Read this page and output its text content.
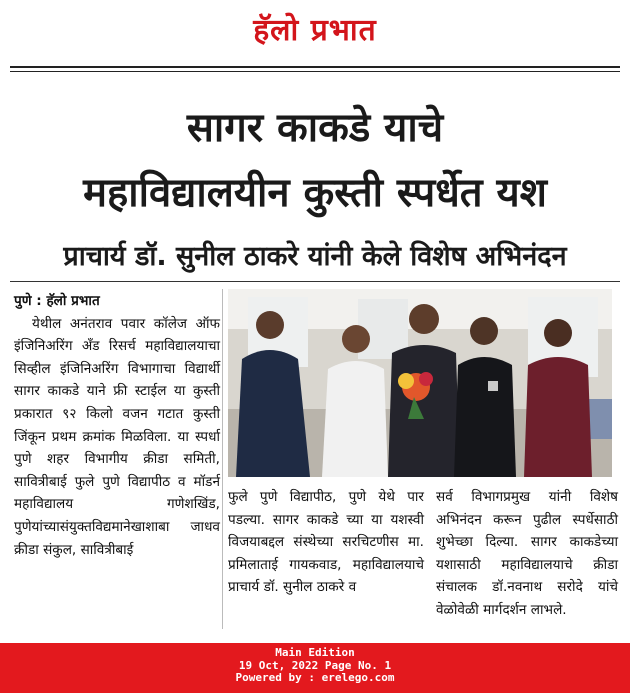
हॅलो प्रभात
सागर काकडे याचे
महाविद्यालयीन कुस्ती स्पर्धेत यश
प्राचार्य डॉ. सुनील ठाकरे यांनी केले विशेष अभिनंदन
पुणे : हॅलो प्रभात

येथील अनंतराव पवार कॉलेज ऑफ इंजिनिअरिंग अँड रिसर्च महाविद्यालयाचा सिव्हील इंजिनिअरिंग विभागाचा विद्यार्थी सागर काकडे याने फ्री स्टाईल या कुस्ती प्रकारात ९२ किलो वजन गटात कुस्ती जिंकून प्रथम क्रमांक मिळविला. या स्पर्धा पुणे शहर विभागीय क्रीडा समिती, सावित्रीबाई फुले पुणे विद्यापीठ व मॉडर्न महाविद्यालय गणेशखिंड, पुणेयांच्यासंयुक्तविद्यमानेखाशाबा जाधव क्रीडा संकुल, सावित्रीबाई

फुले पुणे विद्यापीठ, पुणे येथे पार पडल्या. सागर काकडे च्या या यशस्वी विजयाबद्दल संस्थेच्या सरचिटणीस मा. प्रमिलाताई गायकवाड, महाविद्यालयाचे प्राचार्य डॉ. सुनील ठाकरे व

सर्व विभागप्रमुख यांनी विशेष अभिनंदन करून पुढील स्पर्धेसाठी शुभेच्छा दिल्या. सागर काकडेच्या यशासाठी महाविद्यालयाचे क्रीडा संचालक डॉ.नवनाथ सरोदे यांचे वेळोवेळी मार्गदर्शन लाभले.

Main Edition
19 Oct, 2022 Page No. 1
Powered by : erelego.com
